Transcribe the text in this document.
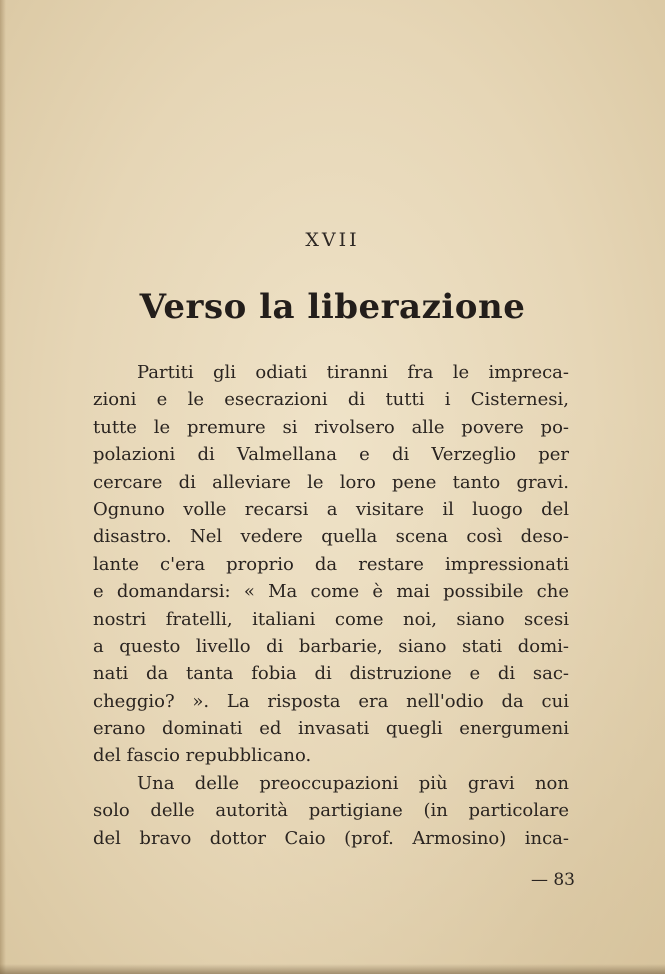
XVII
Verso la liberazione
Partiti gli odiati tiranni fra le impreca-
zioni e le esecrazioni di tutti i Cisternesi,
tutte le premure si rivolsero alle povere po-
polazioni di Valmellana e di Verzeglio per
cercare di alleviare le loro pene tanto gravi.
Ognuno volle recarsi a visitare il luogo del
disastro. Nel vedere quella scena così deso-
lante c'era proprio da restare impressionati
e domandarsi: « Ma come è mai possibile che
nostri fratelli, italiani come noi, siano scesi
a questo livello di barbarie, siano stati domi-
nati da tanta fobia di distruzione e di sac-
cheggio? ». La risposta era nell'odio da cui
erano dominati ed invasati quegli energumeni
del fascio repubblicano.
Una delle preoccupazioni più gravi non
solo delle autorità partigiane (in particolare
del bravo dottor Caio (prof. Armosino) inca-
— 83
